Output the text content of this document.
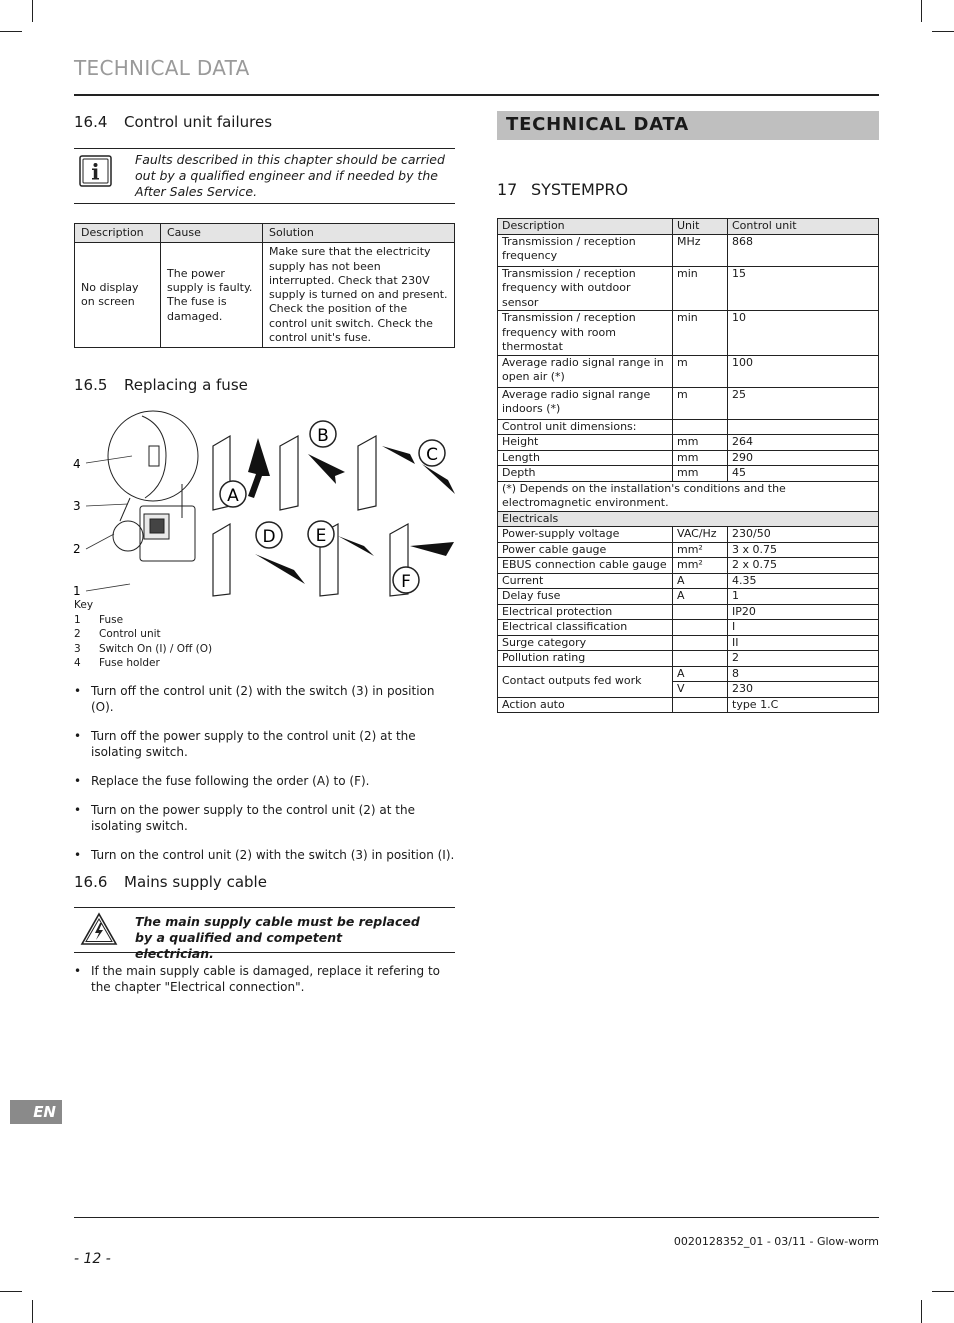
TECHNICAL DATA
16.4 Control unit failures
Faults described in this chapter should be carried out by a qualified engineer and if needed by the After Sales Service.
Description	Cause	Solution
No display on screen	The power supply is faulty. The fuse is damaged.	Make sure that the electricity supply has not been interrupted. Check that 230V supply is turned on and present. Check the position of the control unit switch. Check the control unit's fuse.
16.5 Replacing a fuse
4
3
2
1
A
B
C
D E
F
Key
1 Fuse
2 Control unit
3 Switch On (I) / Off (O)
4 Fuse holder
• Turn off the control unit (2) with the switch (3) in position (O).
• Turn off the power supply to the control unit (2) at the isolating switch.
• Replace the fuse following the order (A) to (F).
• Turn on the power supply to the control unit (2) at the isolating switch.
• Turn on the control unit (2) with the switch (3) in position (I).
16.6 Mains supply cable
The main supply cable must be replaced by a qualified and competent electrician.
• If the main supply cable is damaged, replace it refering to the chapter "Electrical connection".
TECHNICAL DATA
17 SYSTEMPRO
Description	Unit	Control unit
Transmission / reception frequency	MHz	868
Transmission / reception frequency with outdoor sensor	min	15
Transmission / reception frequency with room thermostat	min	10
Average radio signal range in open air (*)	m	100
Average radio signal range indoors (*)	m	25
Control unit dimensions:		
Height	mm	264
Length	mm	290
Depth	mm	45
(*) Depends on the installation's conditions and the electromagnetic environment.		
Electricals		
Power-supply voltage	VAC/Hz	230/50
Power cable gauge	mm²	3 x 0.75
EBUS connection cable gauge	mm²	2 x 0.75
Current	A	4.35
Delay fuse	A	1
Electrical protection		IP20
Electrical classification		I
Surge category		II
Pollution rating		2
Contact outputs fed work	A	8
	V	230
Action auto		type 1.C
EN
- 12 -
0020128352_01 - 03/11 - Glow-worm
